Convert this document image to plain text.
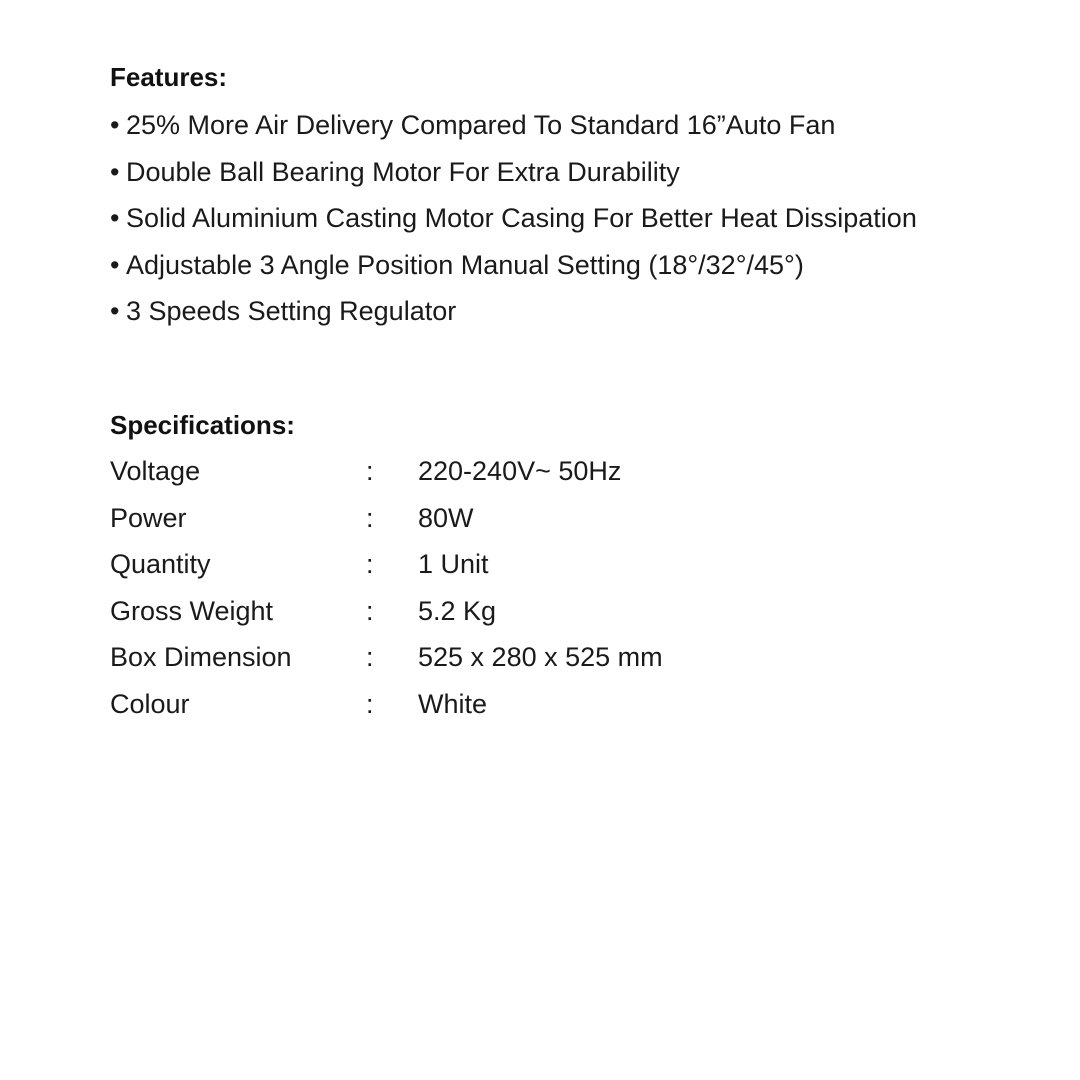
Features:
• 25% More Air Delivery Compared To Standard 16”Auto Fan
• Double Ball Bearing Motor For Extra Durability
• Solid Aluminium Casting Motor Casing For Better Heat Dissipation
• Adjustable 3 Angle Position Manual Setting (18°/32°/45°)
• 3 Speeds Setting Regulator
Specifications:
Voltage	: 220-240V~ 50Hz
Power	: 80W
Quantity	: 1 Unit
Gross Weight	: 5.2 Kg
Box Dimension	: 525 x 280 x 525 mm
Colour	: White
